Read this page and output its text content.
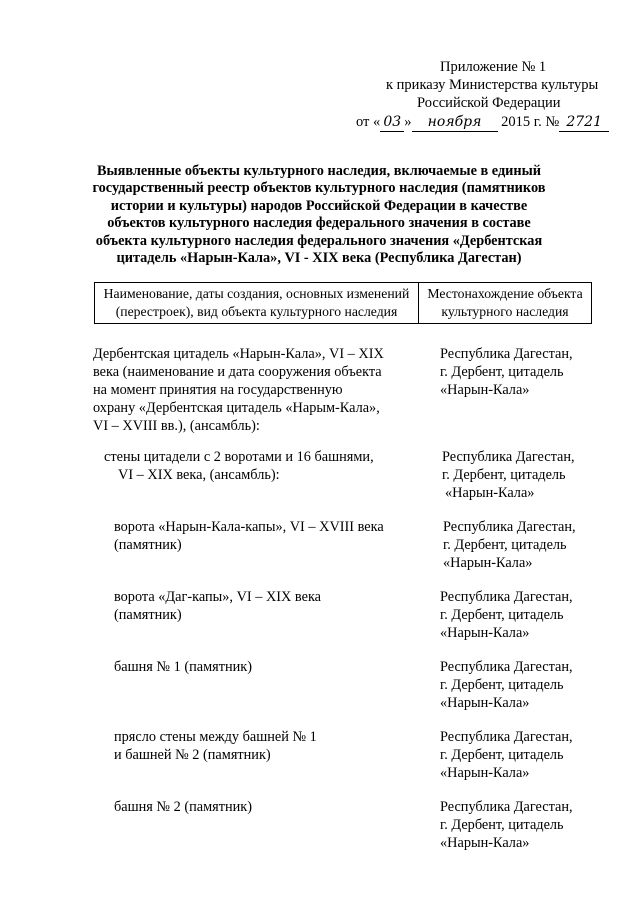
Приложение № 1
к приказу Министерства культуры
Российской Федерации
от « 03 » ноября 2015 г. № 2721
Выявленные объекты культурного наследия, включаемые в единый государственный реестр объектов культурного наследия (памятников истории и культуры) народов Российской Федерации в качестве объектов культурного наследия федерального значения в составе объекта культурного наследия федерального значения «Дербентская цитадель «Нарын-Кала», VI - XIX века (Республика Дагестан)
Наименование, даты создания, основных изменений
(перестроек), вид объекта культурного наследия
Местонахождение объекта
культурного наследия
Дербентская цитадель «Нарын-Кала», VI – XIX
века (наименование и дата сооружения объекта
на момент принятия на государственную
охрану «Дербентская цитадель «Нарым-Кала»,
VI – XVIII вв.), (ансамбль):
Республика Дагестан,
г. Дербент, цитадель
«Нарын-Кала»
стены цитадели с 2 воротами и 16 башнями,
VI – XIX века, (ансамбль):
Республика Дагестан,
г. Дербент, цитадель
«Нарын-Кала»
ворота «Нарын-Кала-капы», VI – XVIII века
(памятник)
Республика Дагестан,
г. Дербент, цитадель
«Нарын-Кала»
ворота «Даг-капы», VI – XIX века
(памятник)
Республика Дагестан,
г. Дербент, цитадель
«Нарын-Кала»
башня № 1 (памятник)	Республика Дагестан,
г. Дербент, цитадель
«Нарын-Кала»
прясло стены между башней № 1
и башней № 2 (памятник)
Республика Дагестан,
г. Дербент, цитадель
«Нарын-Кала»
башня № 2 (памятник)	Республика Дагестан,
г. Дербент, цитадель
«Нарын-Кала»
